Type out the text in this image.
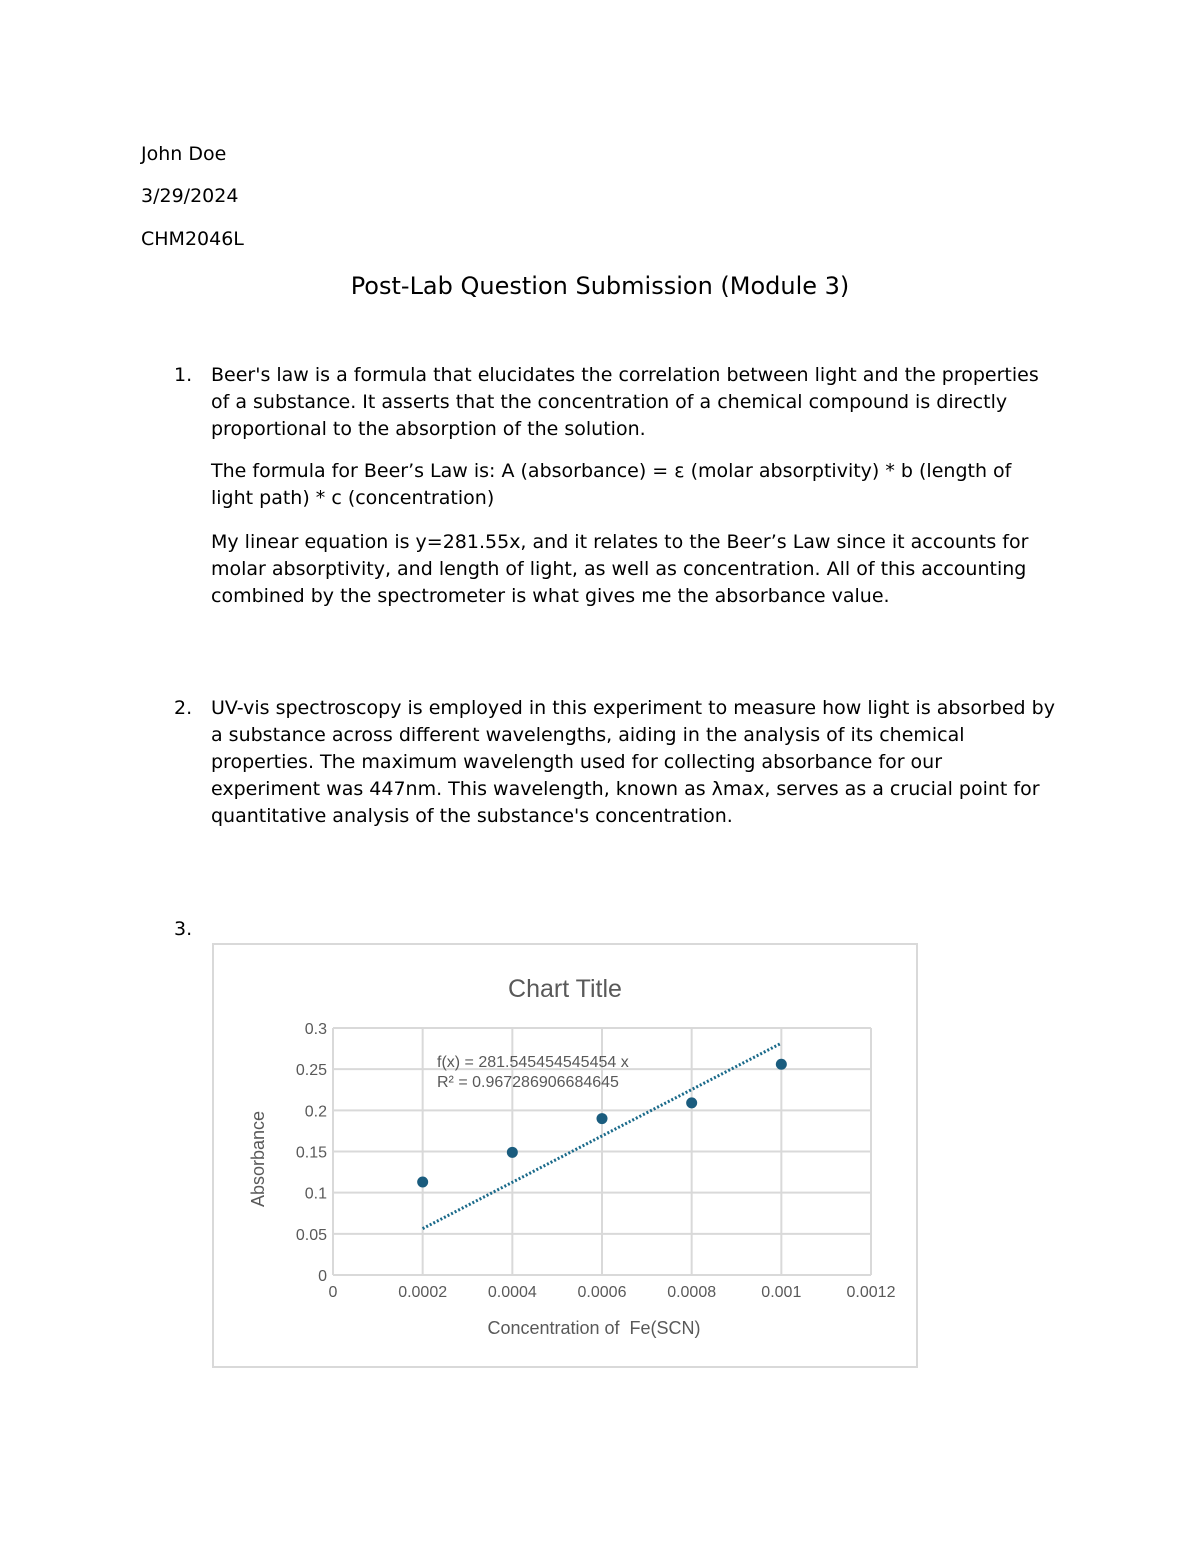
John Doe
3/29/2024
CHM2046L
Post-Lab Question Submission (Module 3)
1. Beer's law is a formula that elucidates the correlation between light and the properties of a substance. It asserts that the concentration of a chemical compound is directly proportional to the absorption of the solution.

The formula for Beer’s Law is: A (absorbance) = ε (molar absorptivity) * b (length of light path) * c (concentration)

My linear equation is y=281.55x, and it relates to the Beer’s Law since it accounts for molar absorptivity, and length of light, as well as concentration. All of this accounting combined by the spectrometer is what gives me the absorbance value.

2. UV-vis spectroscopy is employed in this experiment to measure how light is absorbed by a substance across different wavelengths, aiding in the analysis of its chemical properties. The maximum wavelength used for collecting absorbance for our experiment was 447nm. This wavelength, known as λmax, serves as a crucial point for quantitative analysis of the substance's concentration.

3.
Chart Title
0
0.05
0.1
0.15
0.2
0.25
0.3
0	0.0002	0.0004	0.0006	0.0008	0.001	0.0012
f(x) = 281.545454545454 x
R² = 0.967286906684645
Concentration of  Fe(SCN)
Absorbance
